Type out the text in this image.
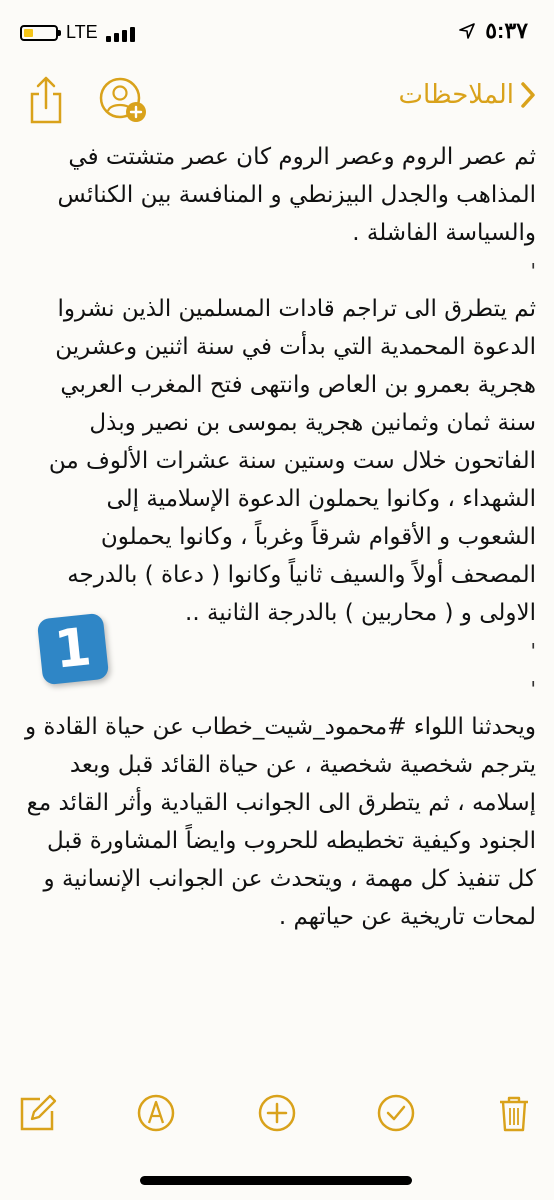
LTE	٥:٣٧
الملاحظات

ثم عصر الروم وعصر الروم كان عصر متشتت في المذاهب والجدل البيزنطي و المنافسة بين الكنائس والسياسة الفاشلة .

'

ثم يتطرق الى تراجم قادات المسلمين الذين نشروا الدعوة المحمدية التي بدأت في سنة اثنين وعشرين هجرية بعمرو بن العاص وانتهى فتح المغرب العربي سنة ثمان وثمانين هجرية بموسى بن نصير وبذل الفاتحون خلال ست وستين سنة عشرات الألوف من الشهداء ، وكانوا يحملون الدعوة الإسلامية إلى الشعوب و الأقوام شرقاً وغرباً ، وكانوا يحملون المصحف أولاً والسيف ثانياً وكانوا ( دعاة ) بالدرجه الاولى و ( محاربين ) بالدرجة الثانية ..

'

'

ويحدثنا اللواء #محمود_شيت_خطاب عن حياة القادة و يترجم شخصية شخصية ، عن حياة القائد قبل وبعد إسلامه ، ثم يتطرق الى الجوانب القيادية وأثر القائد مع الجنود وكيفية تخطيطه للحروب وايضاً المشاورة قبل كل تنفيذ كل مهمة ، ويتحدث عن الجوانب الإنسانية و لمحات تاريخية عن حياتهم .

1
